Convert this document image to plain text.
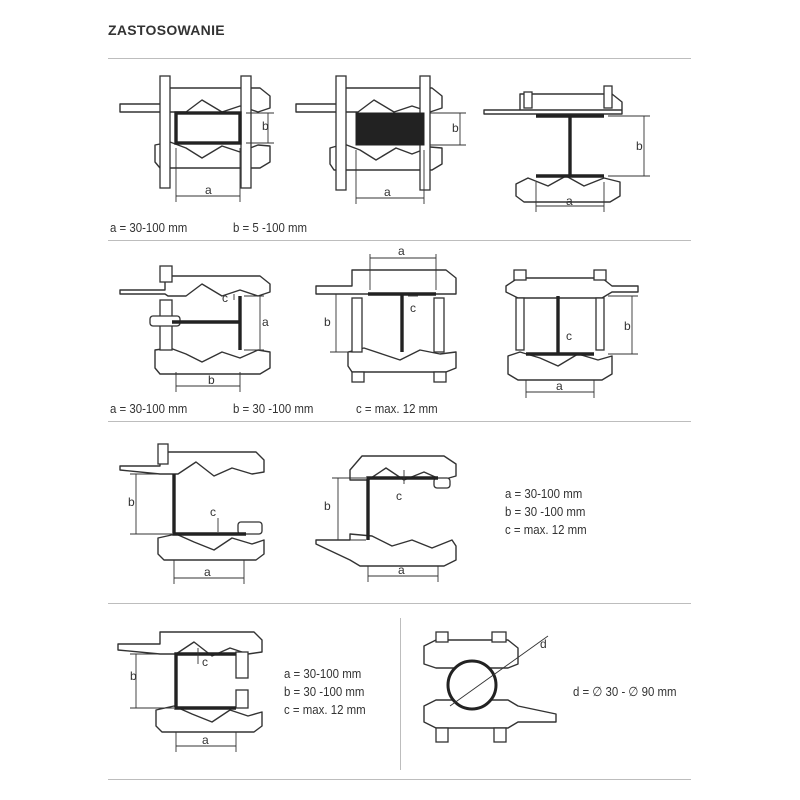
ZASTOSOWANIE
a = 30-100 mm	b = 5 -100 mm
a = 30-100 mm	b = 30 -100 mm	c = max. 12 mm
a = 30-100 mm
b = 30 -100 mm
c = max. 12 mm
a = 30-100 mm
b = 30 -100 mm
c = max. 12 mm
d = ∅ 30 - ∅ 90 mm
a
b
a
b
a
b
b
a
c
a
b
c
a
b
c
a
b
c
a
b
c
a
b
c
d
